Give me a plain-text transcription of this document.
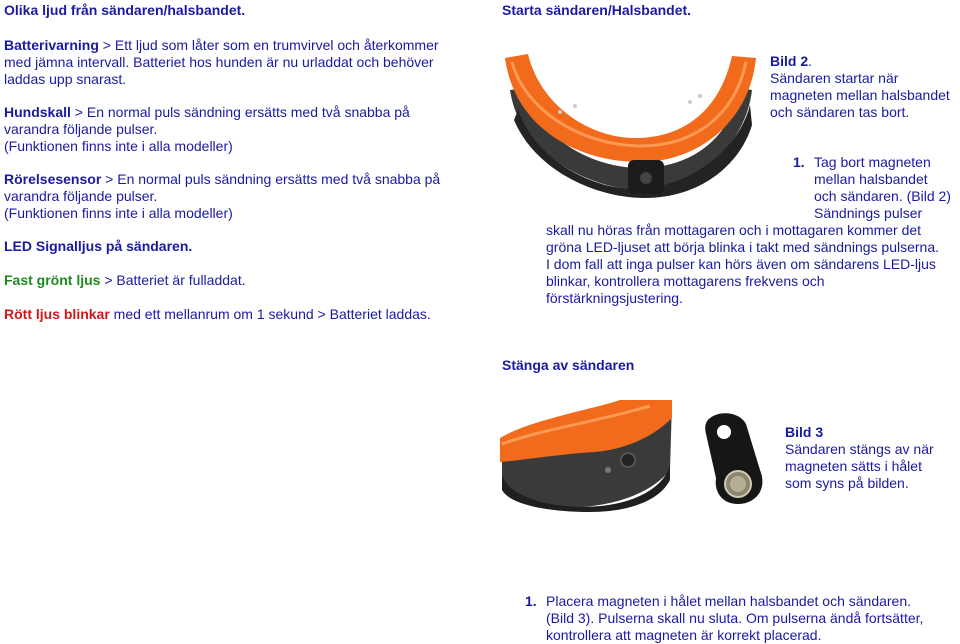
Olika ljud från sändaren/halsbandet.

Batterivarning > Ett ljud som låter som en trumvirvel och återkommer

med jämna intervall. Batteriet hos hunden är nu urladdat och behöver

laddas upp snarast.

Hundskall > En normal puls sändning ersätts med två snabba på

varandra följande pulser.

(Funktionen finns inte i alla modeller)

Rörelsesensor > En normal puls sändning ersätts med två snabba på

varandra följande pulser.

(Funktionen finns inte i alla modeller)

LED Signalljus på sändaren.
Fast grönt ljus > Batteriet är fulladdat.
Rött ljus blinkar med ett mellanrum om 1 sekund > Batteriet laddas.
Starta sändaren/Halsbandet.

Bild 2.

Sändaren startar när

magneten mellan halsbandet

och sändaren tas bort.

1. Tag bort magneten

mellan halsbandet

och sändaren. (Bild 2)

Sändnings pulser

skall nu höras från mottagaren och i mottagaren kommer det

gröna LED-ljuset att börja blinka i takt med sändnings pulserna.

I dom fall att inga pulser kan hörs även om sändarens LED-ljus

blinkar, kontrollera mottagarens frekvens och

förstärkningsjustering.

Stänga av sändaren

Bild 3

Sändaren stängs av när

magneten sätts i hålet

som syns på bilden.

1. Placera magneten i hålet mellan halsbandet och sändaren.

(Bild 3). Pulserna skall nu sluta. Om pulserna ändå fortsätter,

kontrollera att magneten är korrekt placerad.
